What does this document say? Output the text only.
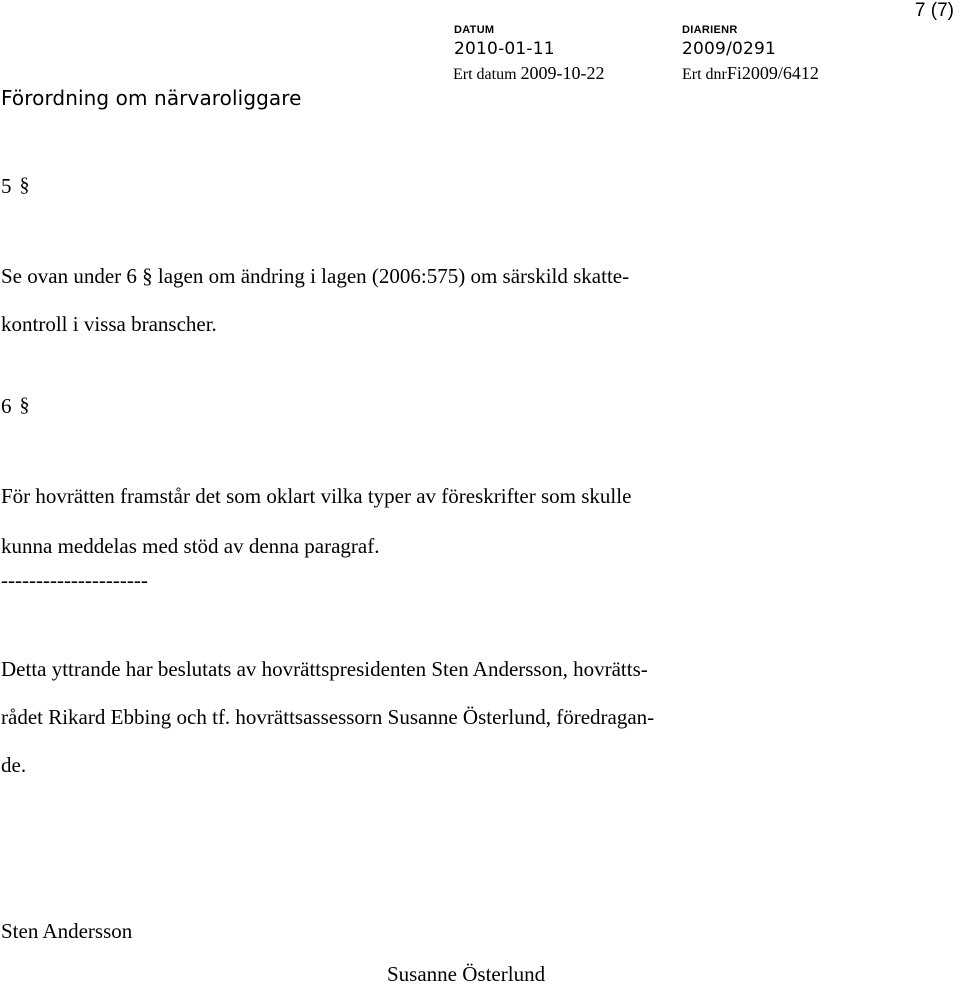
7 (7)
DATUM	DIARIENR
2010-01-11	2009/0291
Ert datum 2009-10-22	Ert dnrFi2009/6412
Förordning om närvaroliggare
5 §
Se ovan under 6 § lagen om ändring i lagen (2006:575) om särskild skatte-
kontroll i vissa branscher.
6 §
För hovrätten framstår det som oklart vilka typer av föreskrifter som skulle
kunna meddelas med stöd av denna paragraf.
---------------------
Detta yttrande har beslutats av hovrättspresidenten Sten Andersson, hovrätts-
rådet Rikard Ebbing och tf. hovrättsassessorn Susanne Österlund, föredragan-
de.
Sten Andersson
Susanne Österlund
